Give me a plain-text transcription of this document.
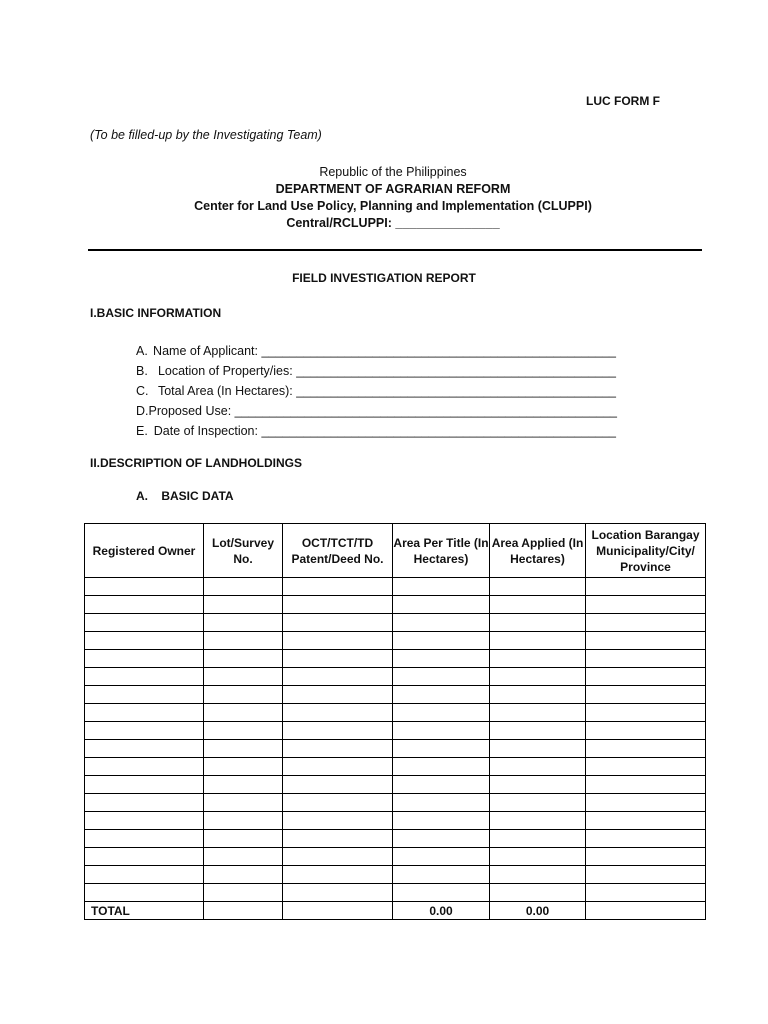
LUC FORM F
(To be filled-up by the Investigating Team)
Republic of the Philippines
DEPARTMENT OF AGRARIAN REFORM
Center for Land Use Policy, Planning and Implementation (CLUPPI)
Central/RCLUPPI: _______________
FIELD INVESTIGATION REPORT
I.BASIC INFORMATION
A. Name of Applicant: ___________________________________________________
B. Location of Property/ies: ______________________________________________
C. Total Area (In Hectares): ______________________________________________
D. Proposed Use: _______________________________________________________
E. Date of Inspection: ___________________________________________________
II.DESCRIPTION OF LANDHOLDINGS
A. BASIC DATA
Registered Owner	Lot/Survey No.	OCT/TCT/TD Patent/Deed No.	Area Per Title (In Hectares)	Area Applied (In Hectares)	Location Barangay Municipality/City/ Province

TOTAL			0.00	0.00	
